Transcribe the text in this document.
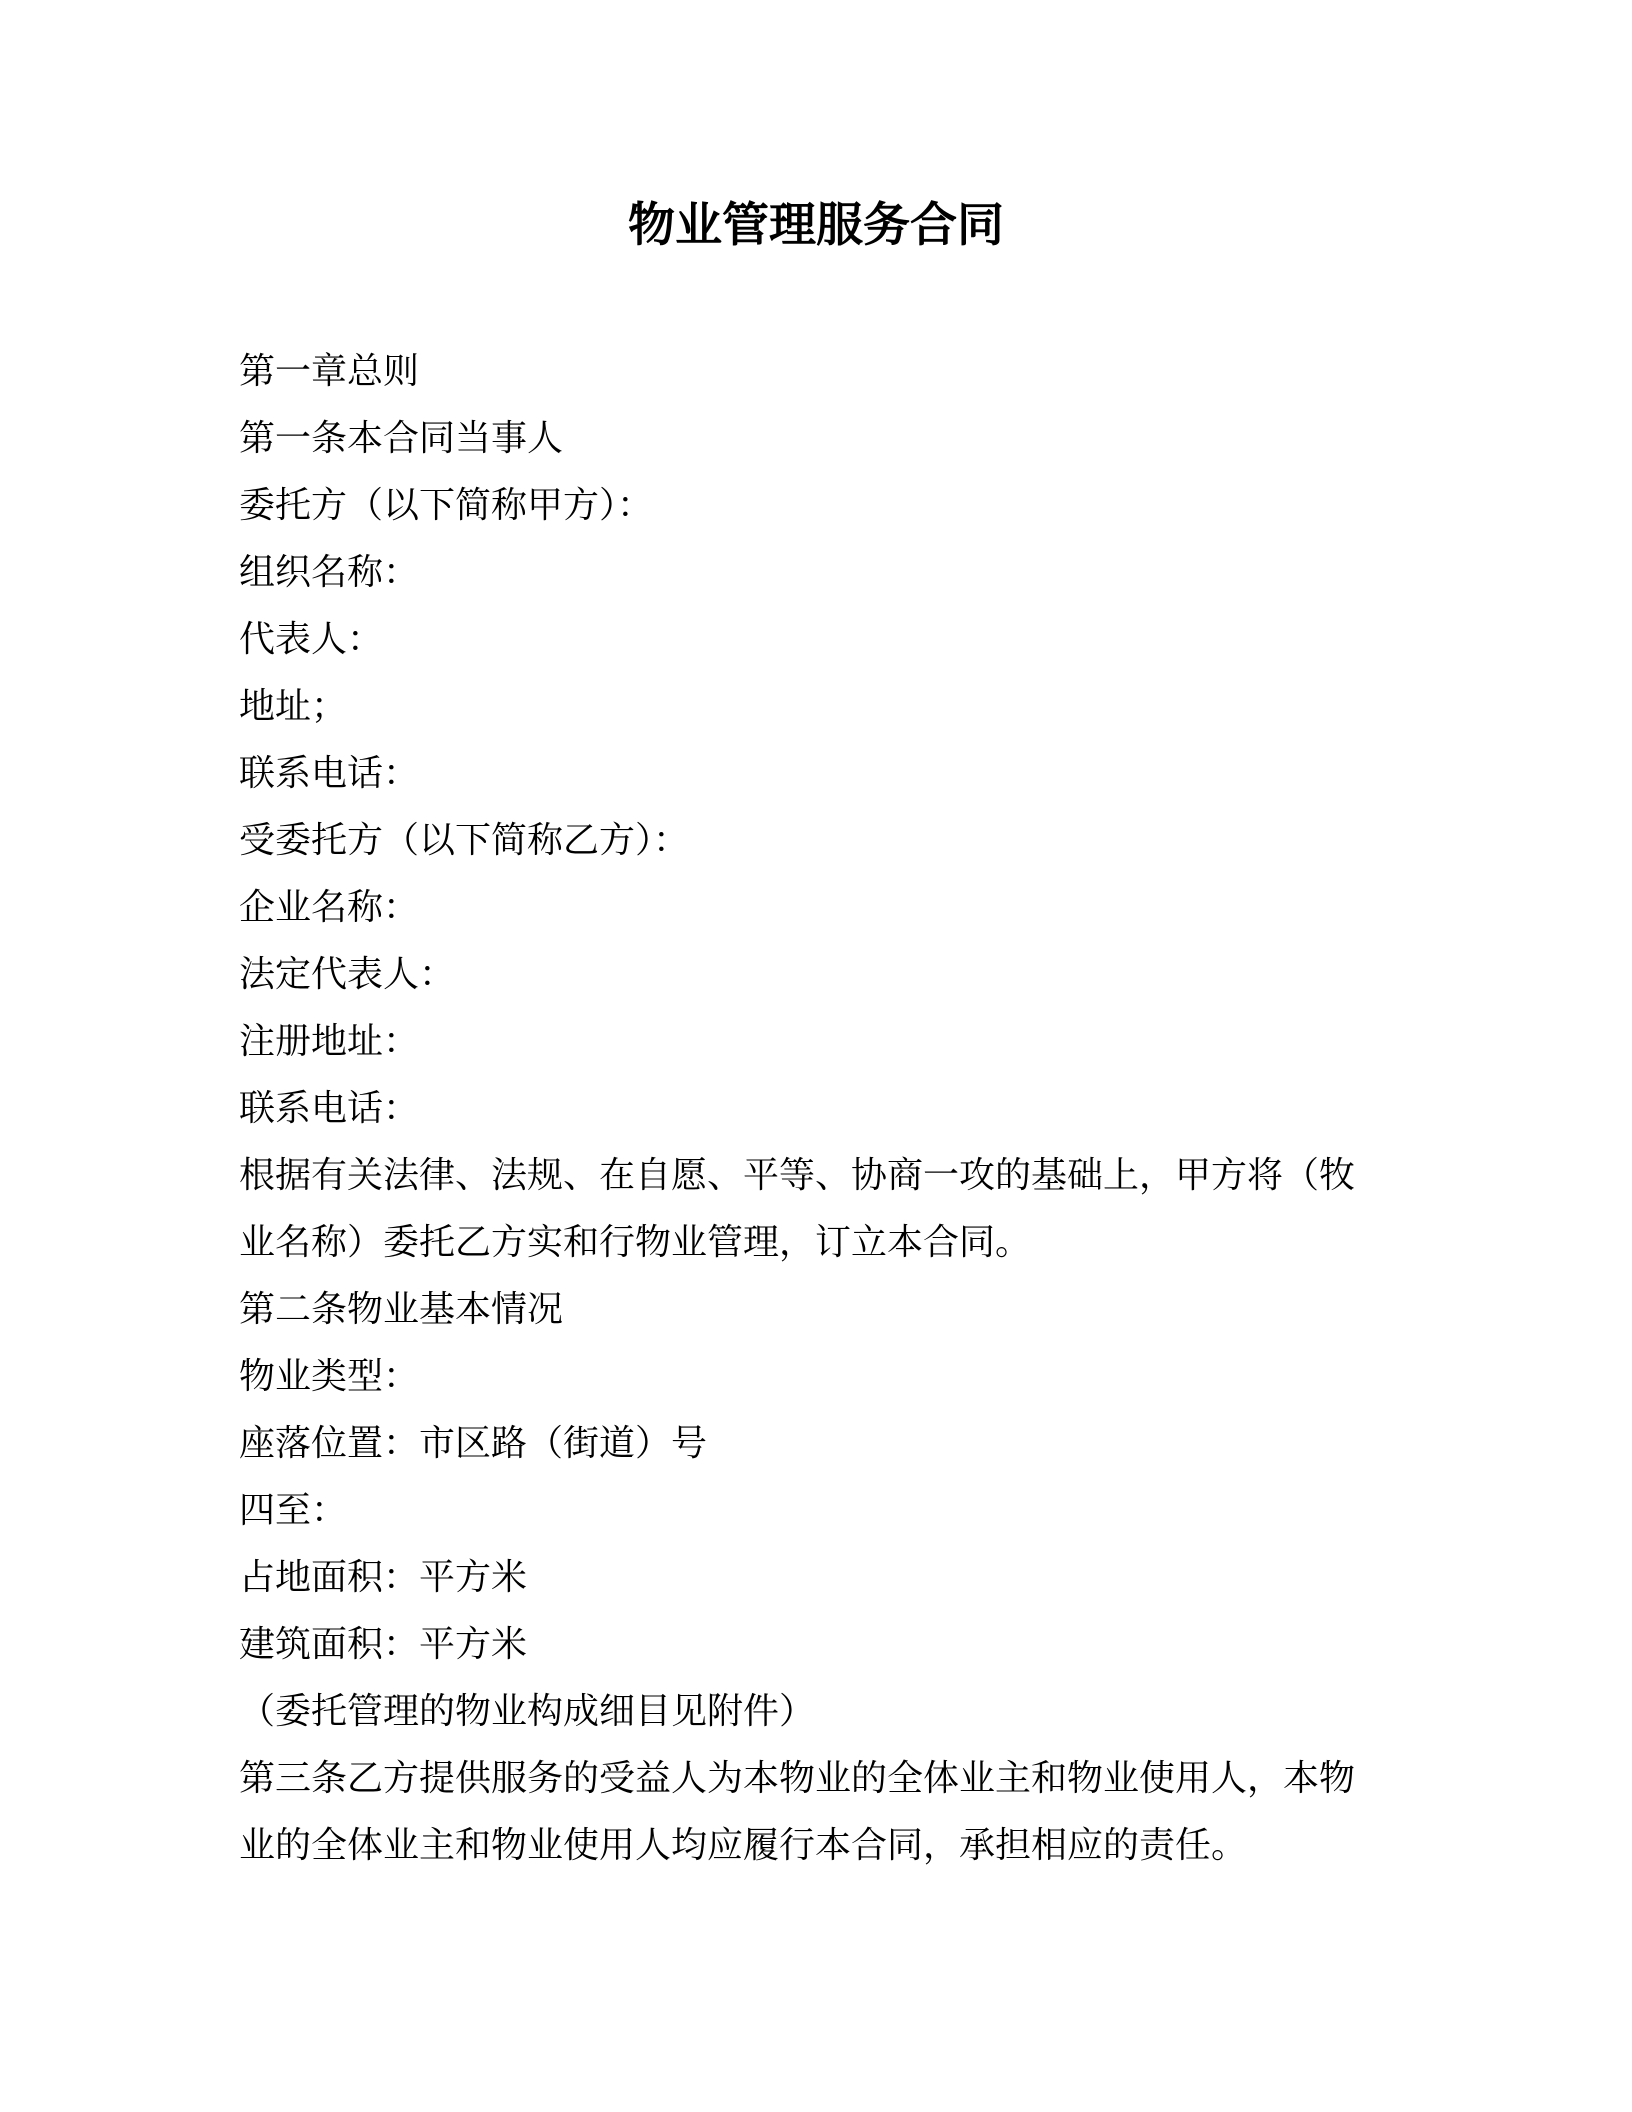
物业管理服务合同
第一章总则
第一条本合同当事人
委托方（以下简称甲方）：
组织名称：
代表人：
地址；
联系电话：
受委托方（以下简称乙方）：
企业名称：
法定代表人：
注册地址：
联系电话：
根据有关法律、法规、在自愿、平等、协商一攻的基础上，甲方将（牧业名称）委托乙方实和行物业管理，订立本合同。
第二条物业基本情况
物业类型：
座落位置：市区路（街道）号
四至：
占地面积：平方米
建筑面积：平方米
（委托管理的物业构成细目见附件）
第三条乙方提供服务的受益人为本物业的全体业主和物业使用人，本物业的全体业主和物业使用人均应履行本合同，承担相应的责任。
